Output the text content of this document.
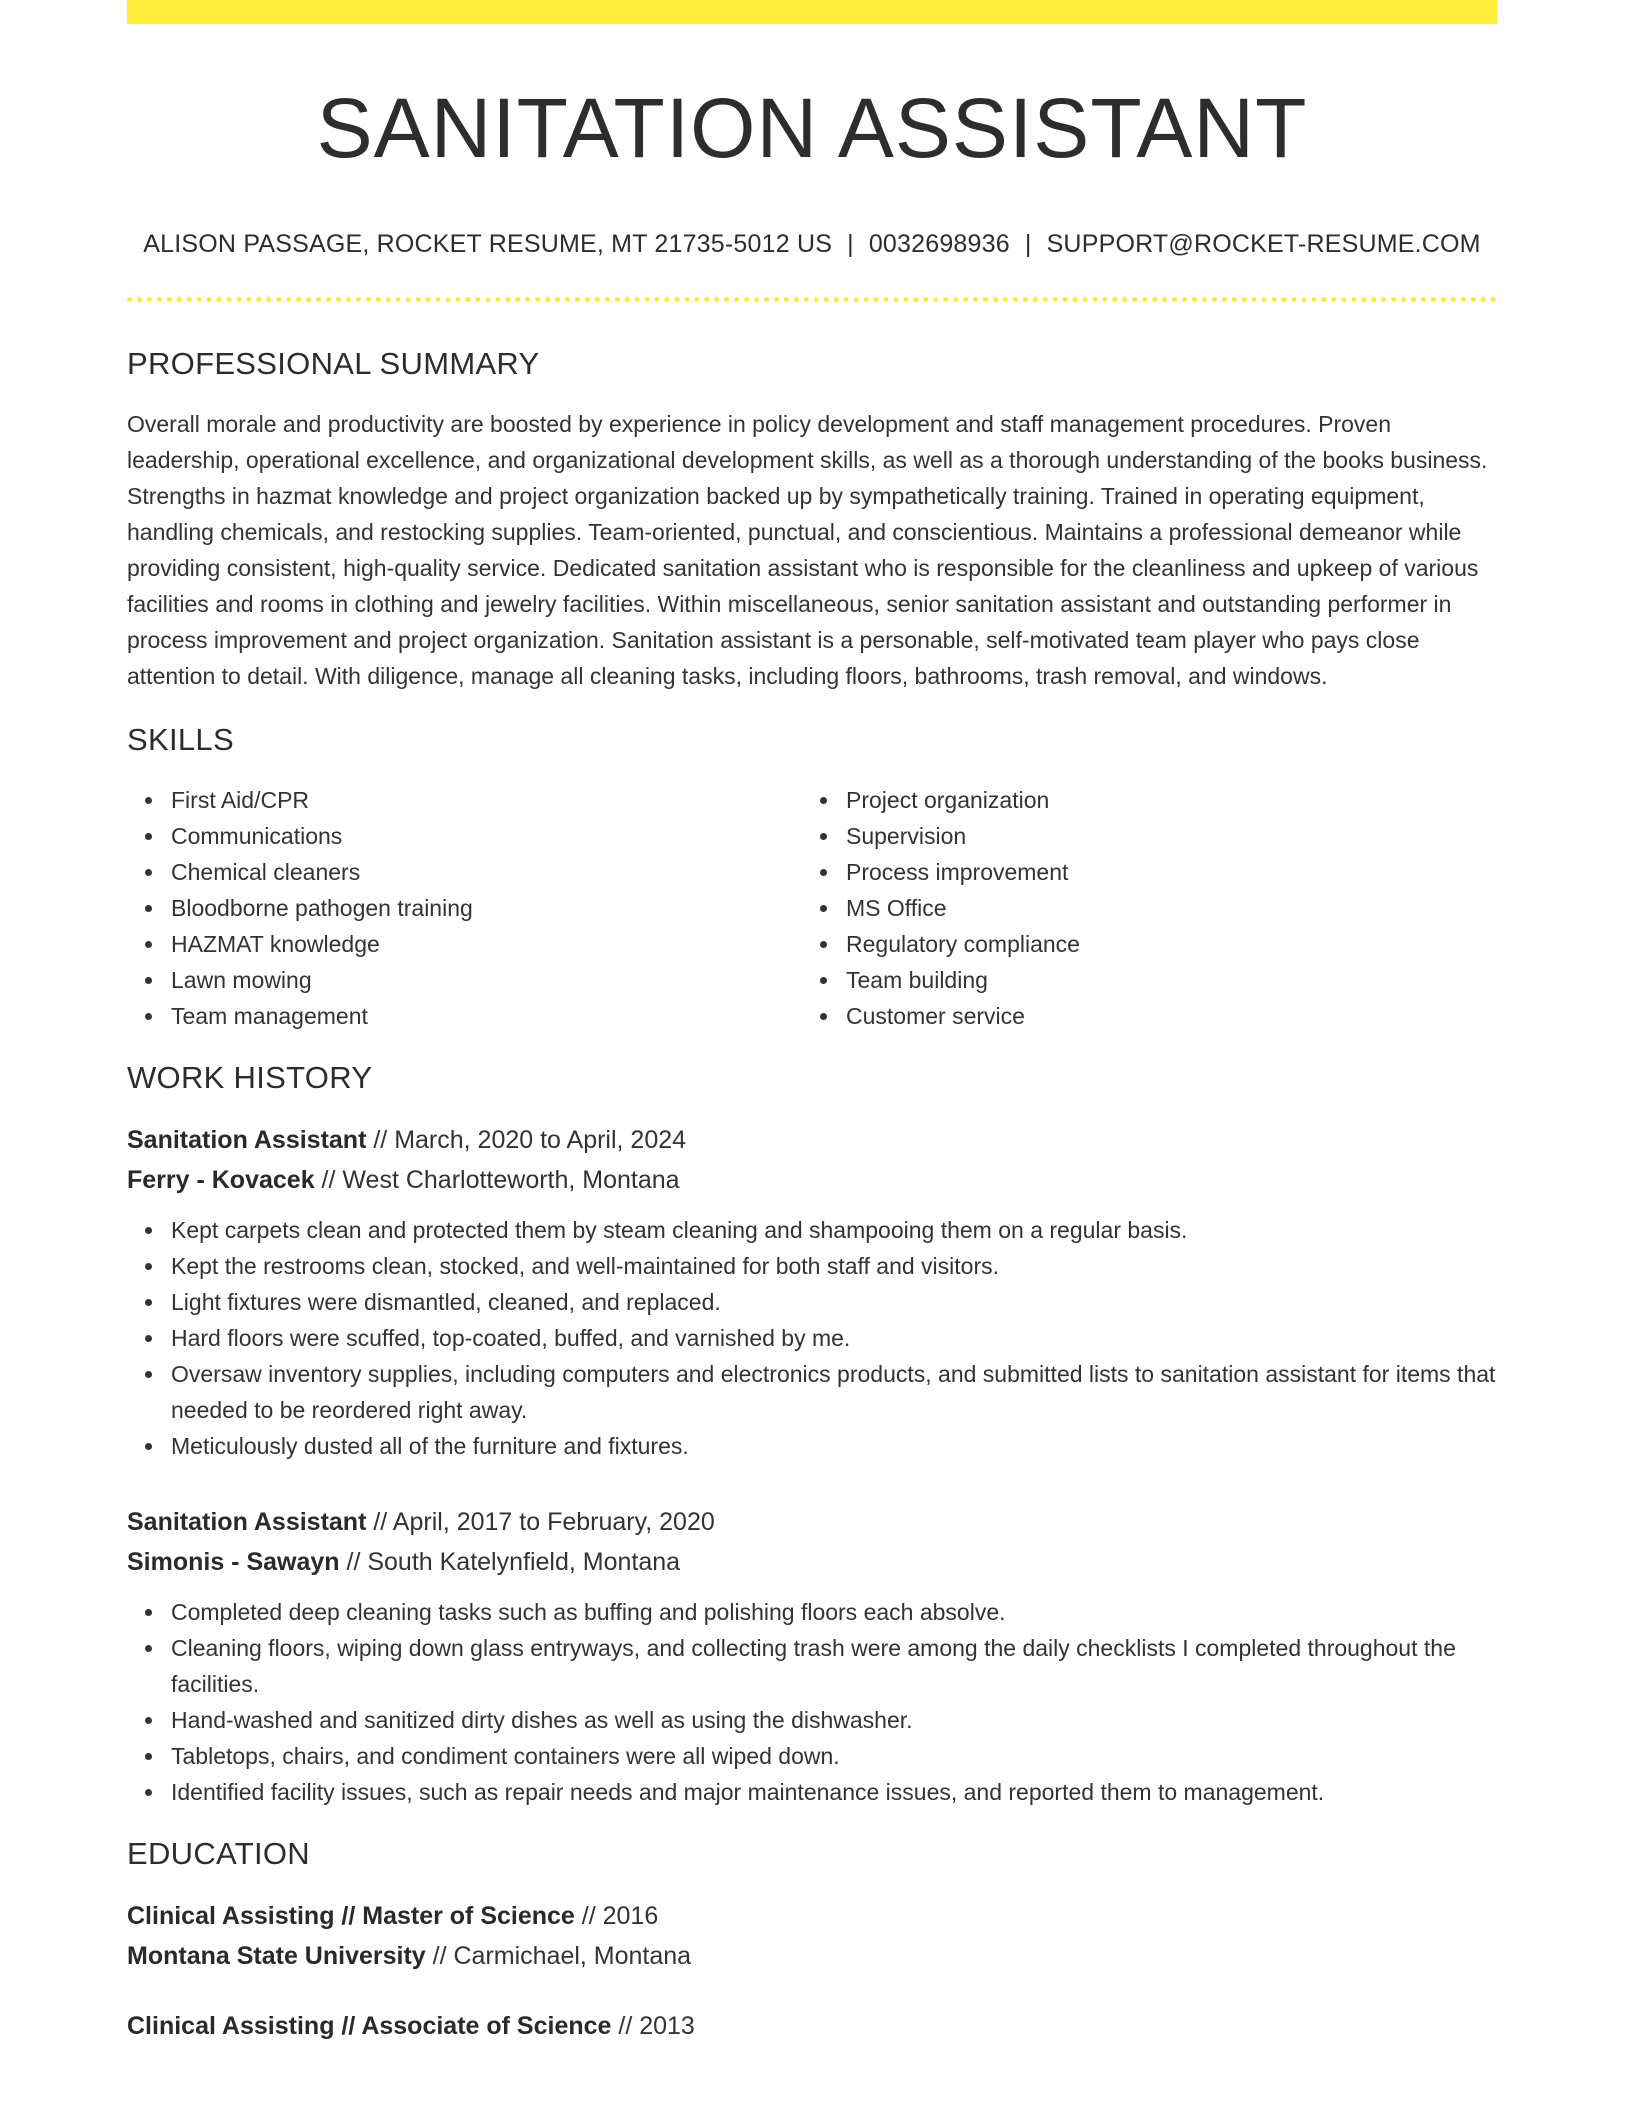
SANITATION ASSISTANT
ALISON PASSAGE, ROCKET RESUME, MT 21735-5012 US | 0032698936 | SUPPORT@ROCKET-RESUME.COM
PROFESSIONAL SUMMARY
Overall morale and productivity are boosted by experience in policy development and staff management procedures. Proven leadership, operational excellence, and organizational development skills, as well as a thorough understanding of the books business. Strengths in hazmat knowledge and project organization backed up by sympathetically training. Trained in operating equipment, handling chemicals, and restocking supplies. Team-oriented, punctual, and conscientious. Maintains a professional demeanor while providing consistent, high-quality service. Dedicated sanitation assistant who is responsible for the cleanliness and upkeep of various facilities and rooms in clothing and jewelry facilities. Within miscellaneous, senior sanitation assistant and outstanding performer in process improvement and project organization. Sanitation assistant is a personable, self-motivated team player who pays close attention to detail. With diligence, manage all cleaning tasks, including floors, bathrooms, trash removal, and windows.
SKILLS
First Aid/CPR
Communications
Chemical cleaners
Bloodborne pathogen training
HAZMAT knowledge
Lawn mowing
Team management
Project organization
Supervision
Process improvement
MS Office
Regulatory compliance
Team building
Customer service
WORK HISTORY
Sanitation Assistant // March, 2020 to April, 2024
Ferry - Kovacek // West Charlotteworth, Montana
Kept carpets clean and protected them by steam cleaning and shampooing them on a regular basis.
Kept the restrooms clean, stocked, and well-maintained for both staff and visitors.
Light fixtures were dismantled, cleaned, and replaced.
Hard floors were scuffed, top-coated, buffed, and varnished by me.
Oversaw inventory supplies, including computers and electronics products, and submitted lists to sanitation assistant for items that needed to be reordered right away.
Meticulously dusted all of the furniture and fixtures.
Sanitation Assistant // April, 2017 to February, 2020
Simonis - Sawayn // South Katelynfield, Montana
Completed deep cleaning tasks such as buffing and polishing floors each absolve.
Cleaning floors, wiping down glass entryways, and collecting trash were among the daily checklists I completed throughout the facilities.
Hand-washed and sanitized dirty dishes as well as using the dishwasher.
Tabletops, chairs, and condiment containers were all wiped down.
Identified facility issues, such as repair needs and major maintenance issues, and reported them to management.
EDUCATION
Clinical Assisting // Master of Science // 2016
Montana State University // Carmichael, Montana
Clinical Assisting // Associate of Science // 2013
